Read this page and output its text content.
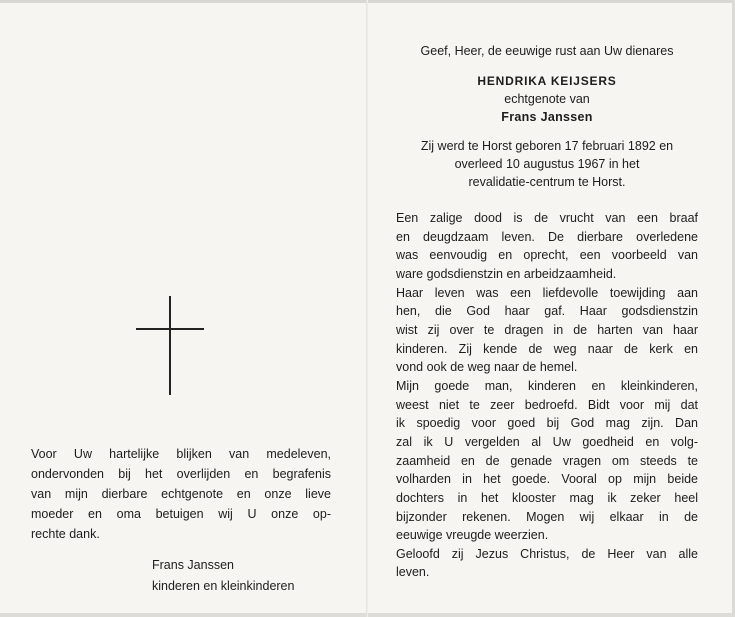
Voor Uw hartelijke blijken van medeleven,
ondervonden bij het overlijden en begrafenis
van mijn dierbare echtgenote en onze lieve
moeder en oma betuigen wij U onze op-
rechte dank.
Frans Janssen
kinderen en kleinkinderen
Geef, Heer, de eeuwige rust aan Uw dienares
HENDRIKA KEIJSERS
echtgenote van
Frans Janssen
Zij werd te Horst geboren 17 februari 1892 en
overleed 10 augustus 1967 in het
revalidatie-centrum te Horst.
Een zalige dood is de vrucht van een braaf
en deugdzaam leven. De dierbare overledene
was eenvoudig en oprecht, een voorbeeld van
ware godsdienstzin en arbeidzaamheid.
Haar leven was een liefdevolle toewijding aan
hen, die God haar gaf. Haar godsdienstzin
wist zij over te dragen in de harten van haar
kinderen. Zij kende de weg naar de kerk en
vond ook de weg naar de hemel.
Mijn goede man, kinderen en kleinkinderen,
weest niet te zeer bedroefd. Bidt voor mij dat
ik spoedig voor goed bij God mag zijn. Dan
zal ik U vergelden al Uw goedheid en volg-
zaamheid en de genade vragen om steeds te
volharden in het goede. Vooral op mijn beide
dochters in het klooster mag ik zeker heel
bijzonder rekenen. Mogen wij elkaar in de
eeuwige vreugde weerzien.
Geloofd zij Jezus Christus, de Heer van alle
leven.
